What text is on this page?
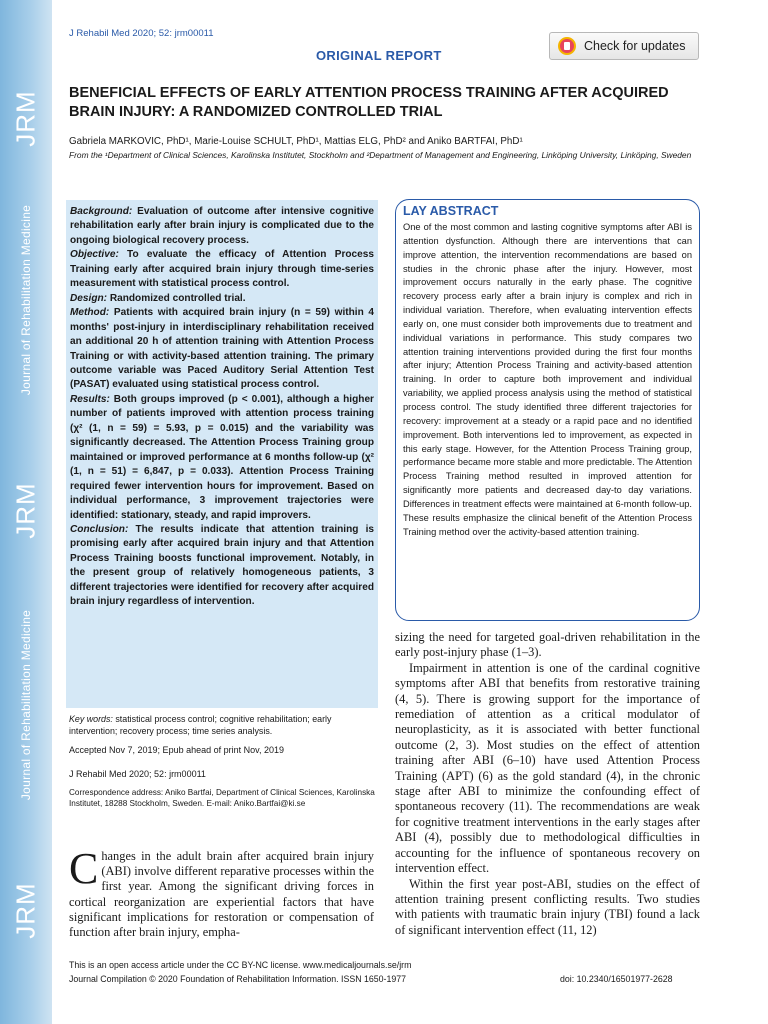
JRM
Journal of Rehabilitation Medicine
JRM
Journal of Rehabilitation Medicine
JRM
J Rehabil Med 2020; 52: jrm00011
ORIGINAL REPORT
Check for updates
BENEFICIAL EFFECTS OF EARLY ATTENTION PROCESS TRAINING AFTER ACQUIRED BRAIN INJURY: A RANDOMIZED CONTROLLED TRIAL
Gabriela MARKOVIC, PhD¹, Marie-Louise SCHULT, PhD¹, Mattias ELG, PhD² and Aniko BARTFAI, PhD¹
From the ¹Department of Clinical Sciences, Karolinska Institutet, Stockholm and ²Department of Management and Engineering, Linköping University, Linköping, Sweden

Background: Evaluation of outcome after intensive cognitive rehabilitation early after brain injury is complicated due to the ongoing biological recovery process.

Objective: To evaluate the efficacy of Attention Process Training early after acquired brain injury through time-series measurement with statistical process control.

Design: Randomized controlled trial.

Method: Patients with acquired brain injury (n = 59) within 4 months' post-injury in interdisciplinary rehabilitation received an additional 20 h of attention training with Attention Process Training or with activity-based attention training. The primary outcome variable was Paced Auditory Serial Attention Test (PASAT) evaluated using statistical process control.

Results: Both groups improved (p < 0.001), although a higher number of patients improved with attention process training (χ² (1, n = 59) = 5.93, p = 0.015) and the variability was significantly decreased. The Attention Process Training group maintained or improved performance at 6 months follow-up (χ² (1, n = 51) = 6,847, p = 0.033). Attention Process Training required fewer intervention hours for improvement. Based on individual performance, 3 improvement trajectories were identified: stationary, steady, and rapid improvers.

Conclusion: The results indicate that attention training is promising early after acquired brain injury and that Attention Process Training boosts functional improvement. Notably, in the present group of relatively homogeneous patients, 3 different trajectories were identified for recovery after acquired brain injury regardless of intervention.

Key words: statistical process control; cognitive rehabilitation; early intervention; recovery process; time series analysis.
Accepted Nov 7, 2019; Epub ahead of print Nov, 2019
J Rehabil Med 2020; 52: jrm00011
Correspondence address: Aniko Bartfai, Department of Clinical Sciences, Karolinska Institutet, 18288 Stockholm, Sweden. E-mail: Aniko.Bartfai@ki.se
Changes in the adult brain after acquired brain injury (ABI) involve different reparative processes within the first year. Among the significant driving forces in cortical reorganization are experiential factors that have significant implications for restoration or compensation of function after brain injury, empha-
LAY ABSTRACT
One of the most common and lasting cognitive symptoms after ABI is attention dysfunction. Although there are interventions that can improve attention, the intervention recommendations are based on studies in the chronic phase after the injury. However, most improvement occurs naturally in the early phase. The cognitive recovery process early after a brain injury is complex and rich in individual variation. Therefore, when evaluating intervention effects early on, one must consider both improvements due to treatment and individual variations in performance. This study compares two attention training interventions provided during the first four months after injury; Attention Process Training and activity-based attention training. In order to capture both improvement and individual variability, we applied process analysis using the method of statistical process control. The study identified three different trajectories for recovery: improvement at a steady or a rapid pace and no identified improvement. Both interventions led to improvement, as expected in this early stage. However, for the Attention Process Training group, performance became more stable and more predictable. The Attention Process Training method resulted in improved attention for significantly more patients and decreased day-to day variations. Differences in treatment effects were maintained at 6-month follow-up. These results emphasize the clinical benefit of the Attention Process Training method over the activity-based attention training.

sizing the need for targeted goal-driven rehabilitation in the early post-injury phase (1–3).

Impairment in attention is one of the cardinal cognitive symptoms after ABI that benefits from restorative training (4, 5). There is growing support for the importance of remediation of attention as a critical modulator of neuroplasticity, as it is associated with better functional outcome (2, 3). Most studies on the effect of attention training after ABI (6–10) have used Attention Process Training (APT) (6) as the gold standard (4), in the chronic stage after ABI to minimize the confounding effect of spontaneous recovery (11). The recommendations are weak for cognitive treatment interventions in the early stages after ABI (4), possibly due to methodological difficulties in accounting for the influence of spontaneous recovery on intervention effect.

Within the first year post-ABI, studies on the effect of attention training present conflicting results. Two studies with patients with traumatic brain injury (TBI) found a lack of significant intervention effect (11, 12)

This is an open access article under the CC BY-NC license. www.medicaljournals.se/jrm
Journal Compilation © 2020 Foundation of Rehabilitation Information. ISSN 1650-1977	doi: 10.2340/16501977-2628
